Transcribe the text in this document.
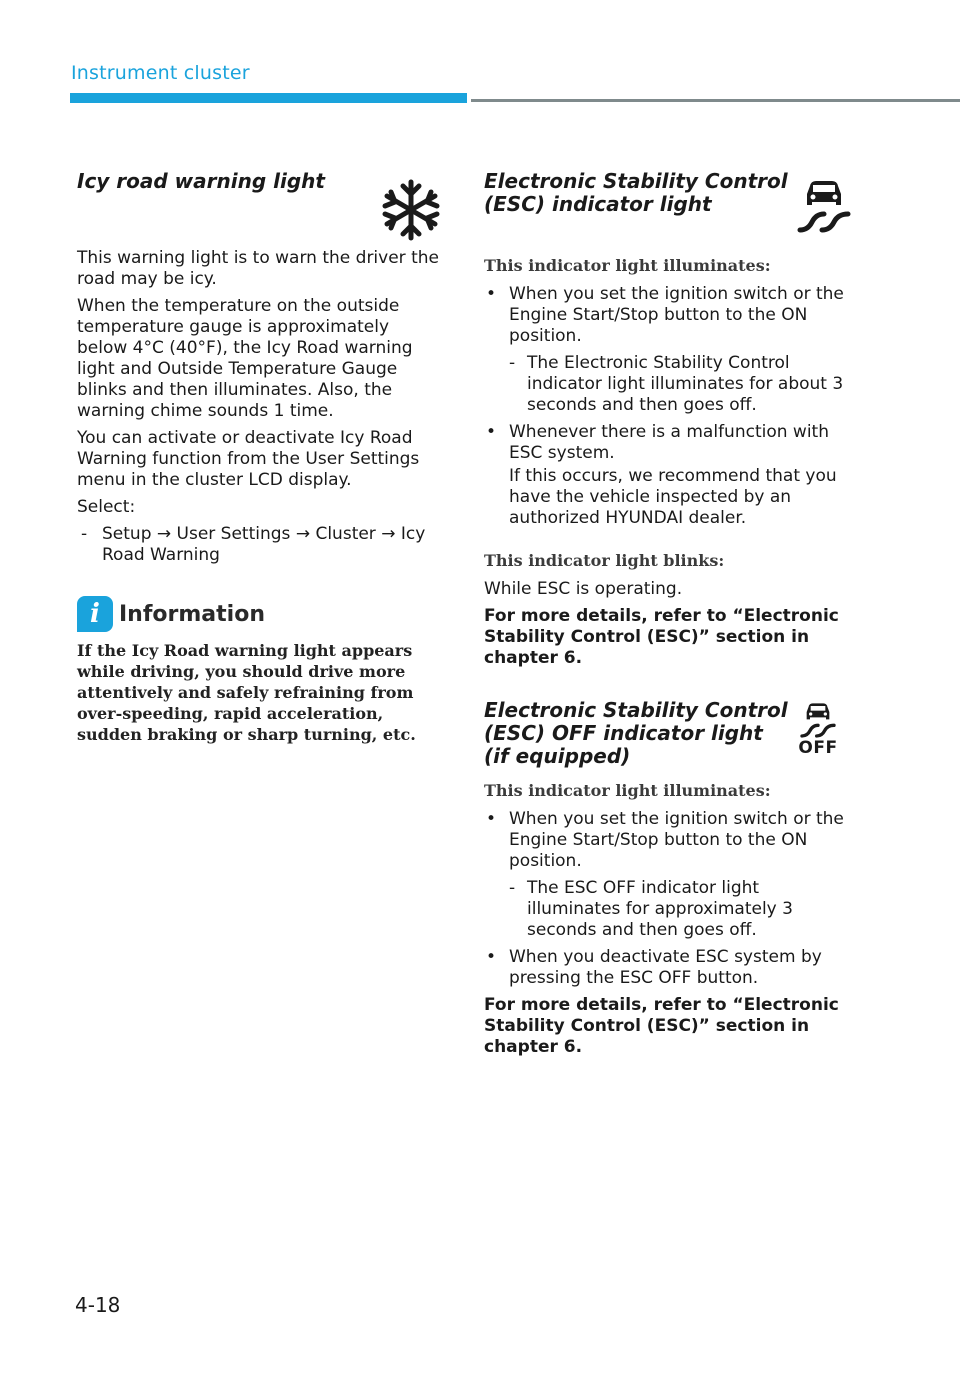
Instrument cluster
Icy road warning light

This warning light is to warn the driver the road may be icy.

When the temperature on the outside temperature gauge is approximately below 4°C (40°F), the Icy Road warning light and Outside Temperature Gauge blinks and then illuminates. Also, the warning chime sounds 1 time.

You can activate or deactivate Icy Road Warning function from the User Settings menu in the cluster LCD display.

Select:

- Setup → User Settings → Cluster → Icy Road Warning
i Information
If the Icy Road warning light appears while driving, you should drive more attentively and safely refraining from over-speeding, rapid acceleration, sudden braking or sharp turning, etc.
Electronic Stability Control
(ESC) indicator light
This indicator light illuminates:
• When you set the ignition switch or the Engine Start/Stop button to the ON position.
- The Electronic Stability Control indicator light illuminates for about 3 seconds and then goes off.
• Whenever there is a malfunction with ESC system.

If this occurs, we recommend that you have the vehicle inspected by an authorized HYUNDAI dealer.

This indicator light blinks:

While ESC is operating.

For more details, refer to “Electronic Stability Control (ESC)” section in chapter 6.

Electronic Stability Control
(ESC) OFF indicator light
(if equipped)	OFF
This indicator light illuminates:
• When you set the ignition switch or the Engine Start/Stop button to the ON position.
- The ESC OFF indicator light illuminates for approximately 3 seconds and then goes off.
• When you deactivate ESC system by pressing the ESC OFF button.

For more details, refer to “Electronic Stability Control (ESC)” section in chapter 6.

4-18
